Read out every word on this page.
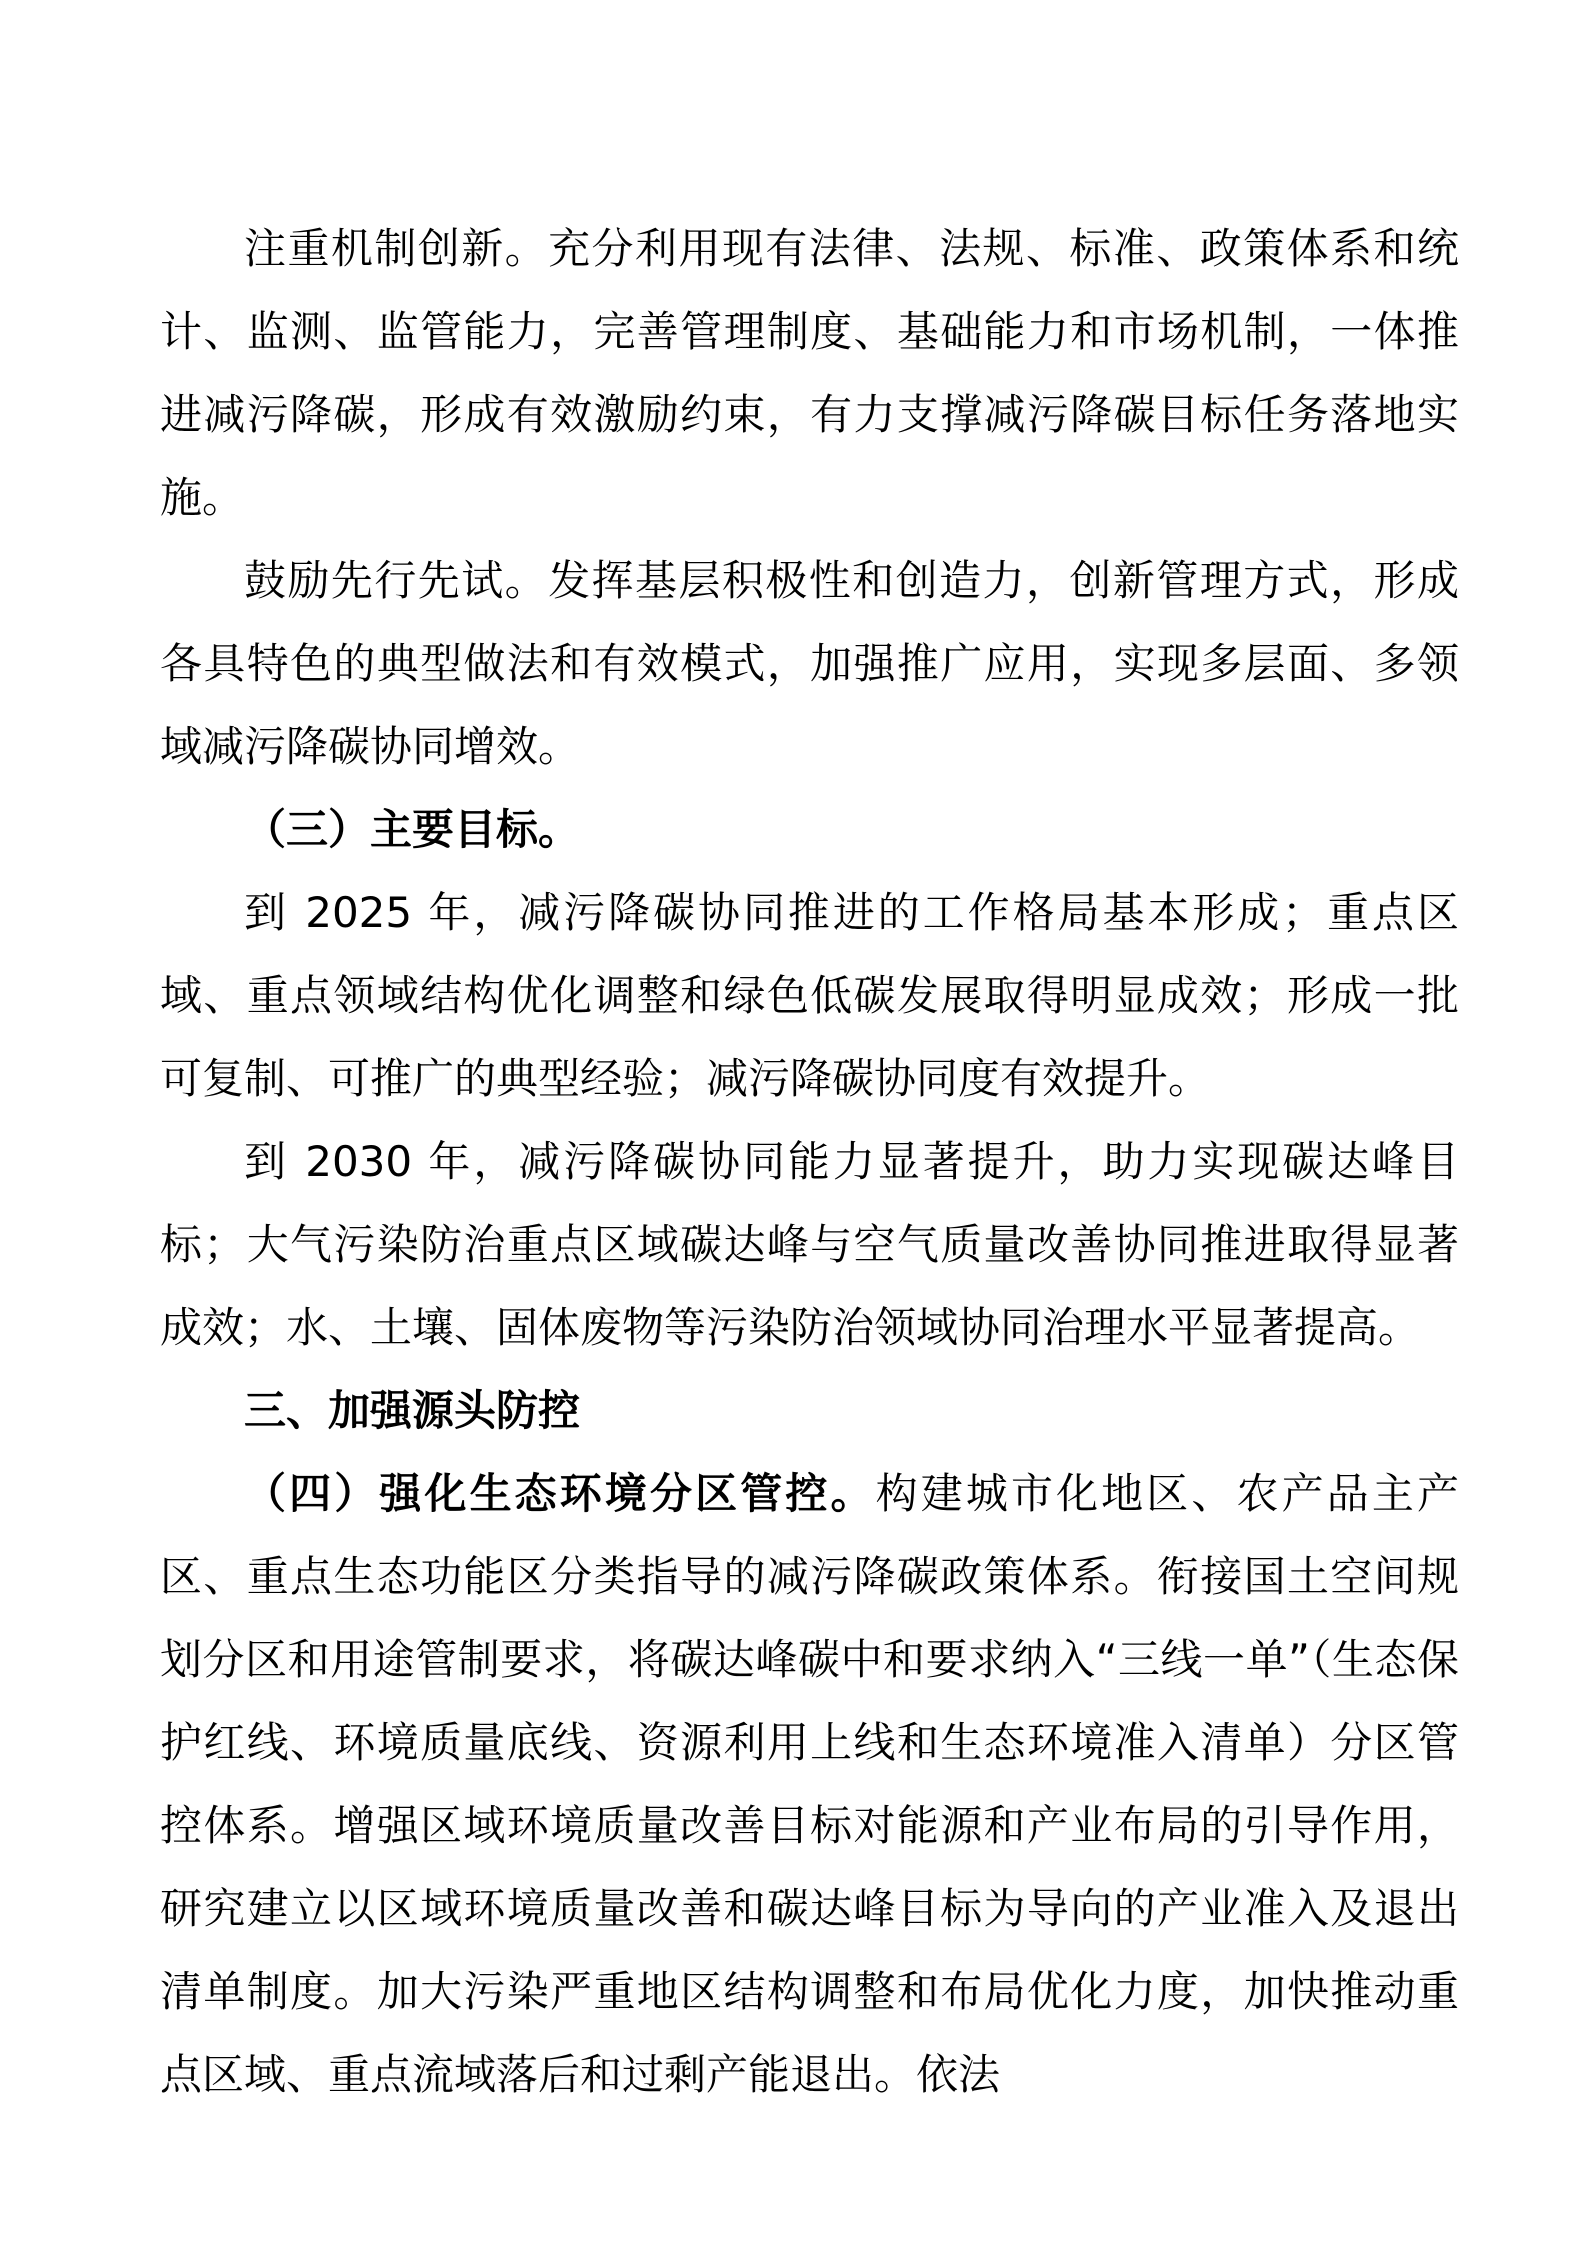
注重机制创新。充分利用现有法律、法规、标准、政策体系和统计、监测、监管能力，完善管理制度、基础能力和市场机制，一体推进减污降碳，形成有效激励约束，有力支撑减污降碳目标任务落地实施。

鼓励先行先试。发挥基层积极性和创造力，创新管理方式，形成各具特色的典型做法和有效模式，加强推广应用，实现多层面、多领域减污降碳协同增效。

（三）主要目标。

到 2025 年，减污降碳协同推进的工作格局基本形成；重点区域、重点领域结构优化调整和绿色低碳发展取得明显成效；形成一批可复制、可推广的典型经验；减污降碳协同度有效提升。

到 2030 年，减污降碳协同能力显著提升，助力实现碳达峰目标；大气污染防治重点区域碳达峰与空气质量改善协同推进取得显著成效；水、土壤、固体废物等污染防治领域协同治理水平显著提高。

三、加强源头防控

（四）强化生态环境分区管控。构建城市化地区、农产品主产区、重点生态功能区分类指导的减污降碳政策体系。衔接国土空间规划分区和用途管制要求，将碳达峰碳中和要求纳入“三线一单”（生态保护红线、环境质量底线、资源利用上线和生态环境准入清单）分区管控体系。增强区域环境质量改善目标对能源和产业布局的引导作用，研究建立以区域环境质量改善和碳达峰目标为导向的产业准入及退出清单制度。加大污染严重地区结构调整和布局优化力度，加快推动重点区域、重点流域落后和过剩产能退出。依法
